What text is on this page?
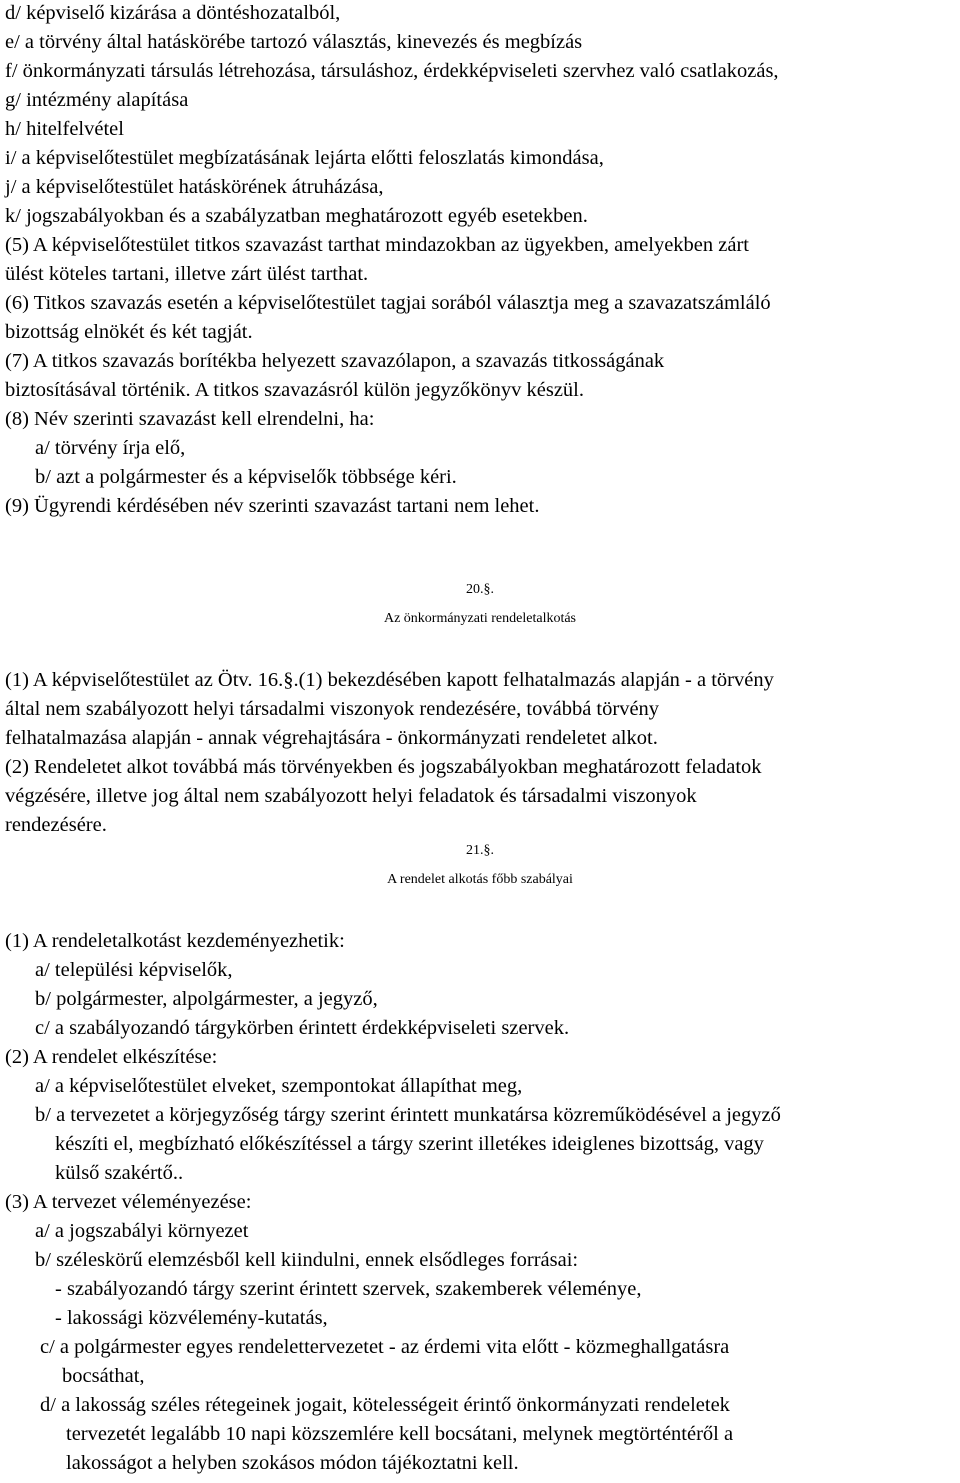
d/ képviselő kizárása a döntéshozatalból,
e/ a törvény által hatáskörébe tartozó választás, kinevezés és megbízás
f/ önkormányzati társulás létrehozása, társuláshoz, érdekképviseleti szervhez való csatlakozás,
g/ intézmény alapítása
h/ hitelfelvétel
i/ a képviselőtestület megbízatásának lejárta előtti feloszlatás kimondása,
j/ a képviselőtestület hatáskörének átruházása,
k/ jogszabályokban és a szabályzatban meghatározott egyéb esetekben.
(5) A képviselőtestület titkos szavazást tarthat mindazokban az ügyekben, amelyekben zárt
ülést köteles tartani, illetve zárt ülést tarthat.
(6) Titkos szavazás esetén a képviselőtestület tagjai sorából választja meg a szavazatszámláló
bizottság elnökét és két tagját.
(7) A titkos szavazás borítékba helyezett szavazólapon, a szavazás titkosságának
biztosításával történik. A titkos szavazásról külön jegyzőkönyv készül.
(8) Név szerinti szavazást kell elrendelni, ha:
a/ törvény írja elő,
b/ azt a polgármester és a képviselők többsége kéri.
(9) Ügyrendi kérdésében név szerinti szavazást tartani nem lehet.
20.§.
Az önkormányzati rendeletalkotás
(1) A képviselőtestület az Ötv. 16.§.(1) bekezdésében kapott felhatalmazás alapján - a törvény
által nem szabályozott helyi társadalmi viszonyok rendezésére, továbbá törvény
felhatalmazása alapján - annak végrehajtására - önkormányzati rendeletet alkot.
(2) Rendeletet alkot továbbá más törvényekben és jogszabályokban meghatározott feladatok
végzésére, illetve jog által nem szabályozott helyi feladatok és társadalmi viszonyok
rendezésére.
21.§.
A rendelet alkotás főbb szabályai
(1) A rendeletalkotást kezdeményezhetik:
a/ települési képviselők,
b/ polgármester, alpolgármester, a jegyző,
c/ a szabályozandó tárgykörben érintett érdekképviseleti szervek.
(2) A rendelet elkészítése:
a/ a képviselőtestület elveket, szempontokat állapíthat meg,
b/ a tervezetet a körjegyzőség tárgy szerint érintett munkatársa közreműködésével a jegyző
készíti el, megbízható előkészítéssel a tárgy szerint illetékes ideiglenes bizottság, vagy
külső szakértő..
(3) A tervezet véleményezése:
a/ a jogszabályi környezet
b/ széleskörű elemzésből kell kiindulni, ennek elsődleges forrásai:
- szabályozandó tárgy szerint érintett szervek, szakemberek véleménye,
- lakossági közvélemény-kutatás,
c/ a polgármester egyes rendelettervezetet - az érdemi vita előtt - közmeghallgatásra
bocsáthat,
d/ a lakosság széles rétegeinek jogait, kötelességeit érintő önkormányzati rendeletek
tervezetét legalább 10 napi közszemlére kell bocsátani, melynek megtörténtéről a
lakosságot a helyben szokásos módon tájékoztatni kell.
